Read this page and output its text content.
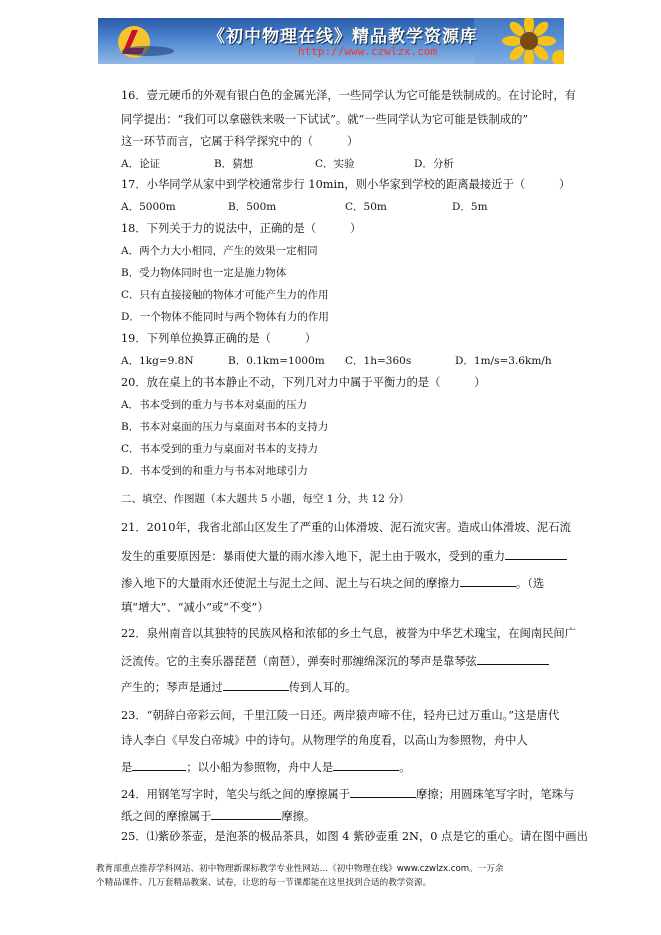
《初中物理在线》精品教学资源库
http://www.czwlzx.com
16．壹元硬币的外观有银白色的金属光泽，一些同学认为它可能是铁制成的。在讨论时，有
同学提出：“我们可以拿磁铁来吸一下试试”。就“一些同学认为它可能是铁制成的”
这一环节而言，它属于科学探究中的（　　　）
A．论证	B．猜想	C．实验	D．分析
17．小华同学从家中到学校通常步行 10min，则小华家到学校的距离最接近于（　　　）
A．5000m	B．500m	C．50m	D．5m
18．下列关于力的说法中，正确的是（　　　）
A．两个力大小相同，产生的效果一定相同
B．受力物体同时也一定是施力物体
C．只有直接接触的物体才可能产生力的作用
D．一个物体不能同时与两个物体有力的作用
19．下列单位换算正确的是（　　　）
A．1kg=9.8N	B．0.1km=1000m C．1h=360s	D．1m/s=3.6km/h
20．放在桌上的书本静止不动，下列几对力中属于平衡力的是（　　　）
A．书本受到的重力与书本对桌面的压力
B．书本对桌面的压力与桌面对书本的支持力
C．书本受到的重力与桌面对书本的支持力
D．书本受到的和重力与书本对地球引力
二、填空、作图题（本大题共 5 小题，每空 1 分，共 12 分）
21．2010年，我省北部山区发生了严重的山体滑坡、泥石流灾害。造成山体滑坡、泥石流
发生的重要原因是：暴雨使大量的雨水渗入地下，泥土由于吸水，受到的重力
渗入地下的大量雨水还使泥土与泥土之间、泥土与石块之间的摩擦力	。（选
填“增大”、“减小”或“不变”）
22．泉州南音以其独特的民族风格和浓郁的乡土气息，被誉为中华艺术瑰宝，在闽南民间广
泛流传。它的主奏乐器琵琶（南琶），弹奏时那缠绵深沉的琴声是靠琴弦
产生的；琴声是通过	传到人耳的。
23．“朝辞白帝彩云间，千里江陵一日还。两岸猿声啼不住，轻舟已过万重山。”这是唐代
诗人李白《早发白帝城》中的诗句。从物理学的角度看，以高山为参照物，舟中人
是	；以小船为参照物，舟中人是	。
24．用钢笔写字时，笔尖与纸之间的摩擦属于	摩擦；用圆珠笔写字时，笔珠与
纸之间的摩擦属于	摩擦。
25．⑴紫砂茶壶，是泡茶的极品茶具，如图 4 紫砂壶重 2N，0 点是它的重心。请在图中画出
教育部重点推荐学科网站、初中物理新课标教学专业性网站…《初中物理在线》www.czwlzx.com。一万余
个精品课件、几万套精品教案、试卷，让您的每一节课都能在这里找到合适的教学资源。
